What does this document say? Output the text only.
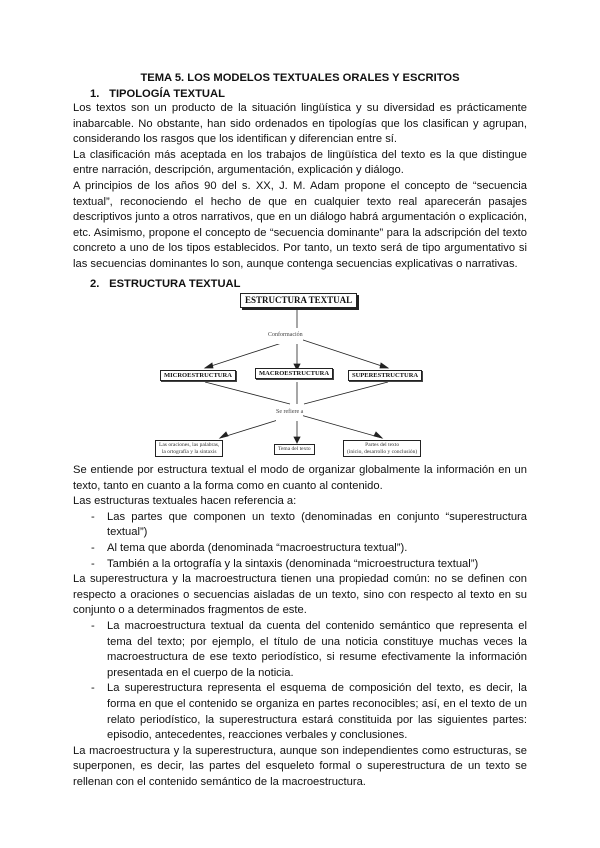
TEMA 5. LOS MODELOS TEXTUALES ORALES Y ESCRITOS
1. TIPOLOGÍA TEXTUAL

Los textos son un producto de la situación lingüística y su diversidad es prácticamente inabarcable. No obstante, han sido ordenados en tipologías que los clasifican y agrupan, considerando los rasgos que los identifican y diferencian entre sí.

La clasificación más aceptada en los trabajos de lingüística del texto es la que distingue entre narración, descripción, argumentación, explicación y diálogo.

A principios de los años 90 del s. XX, J. M. Adam propone el concepto de “secuencia textual”, reconociendo el hecho de que en cualquier texto real aparecerán pasajes descriptivos junto a otros narrativos, que en un diálogo habrá argumentación o explicación, etc. Asimismo, propone el concepto de “secuencia dominante” para la adscripción del texto concreto a uno de los tipos establecidos. Por tanto, un texto será de tipo argumentativo si las secuencias dominantes lo son, aunque contenga secuencias explicativas o narrativas.

2. ESTRUCTURA TEXTUAL
ESTRUCTURA TEXTUAL
Conformación
MICROESTRUCTURA	MACROESTRUCTURA	SUPERESTRUCTURA
Se refiere a
Las oraciones, las palabras,
la ortografía y la sintaxis	Tema del texto
Partes del texto
(inicio, desarrollo y conclusión)

Se entiende por estructura textual el modo de organizar globalmente la información en un texto, tanto en cuanto a la forma como en cuanto al contenido.

Las estructuras textuales hacen referencia a:

- Las partes que componen un texto (denominadas en conjunto “superestructura textual”)
- Al tema que aborda (denominada “macroestructura textual”).
- También a la ortografía y la sintaxis (denominada “microestructura textual”)

La superestructura y la macroestructura tienen una propiedad común: no se definen con respecto a oraciones o secuencias aisladas de un texto, sino con respecto al texto en su conjunto o a determinados fragmentos de este.

- La macroestructura textual da cuenta del contenido semántico que representa el tema del texto; por ejemplo, el título de una noticia constituye muchas veces la macroestructura de ese texto periodístico, si resume efectivamente la información presentada en el cuerpo de la noticia.
- La superestructura representa el esquema de composición del texto, es decir, la forma en que el contenido se organiza en partes reconocibles; así, en el texto de un relato periodístico, la superestructura estará constituida por las siguientes partes: episodio, antecedentes, reacciones verbales y conclusiones.

La macroestructura y la superestructura, aunque son independientes como estructuras, se superponen, es decir, las partes del esqueleto formal o superestructura de un texto se rellenan con el contenido semántico de la macroestructura.
